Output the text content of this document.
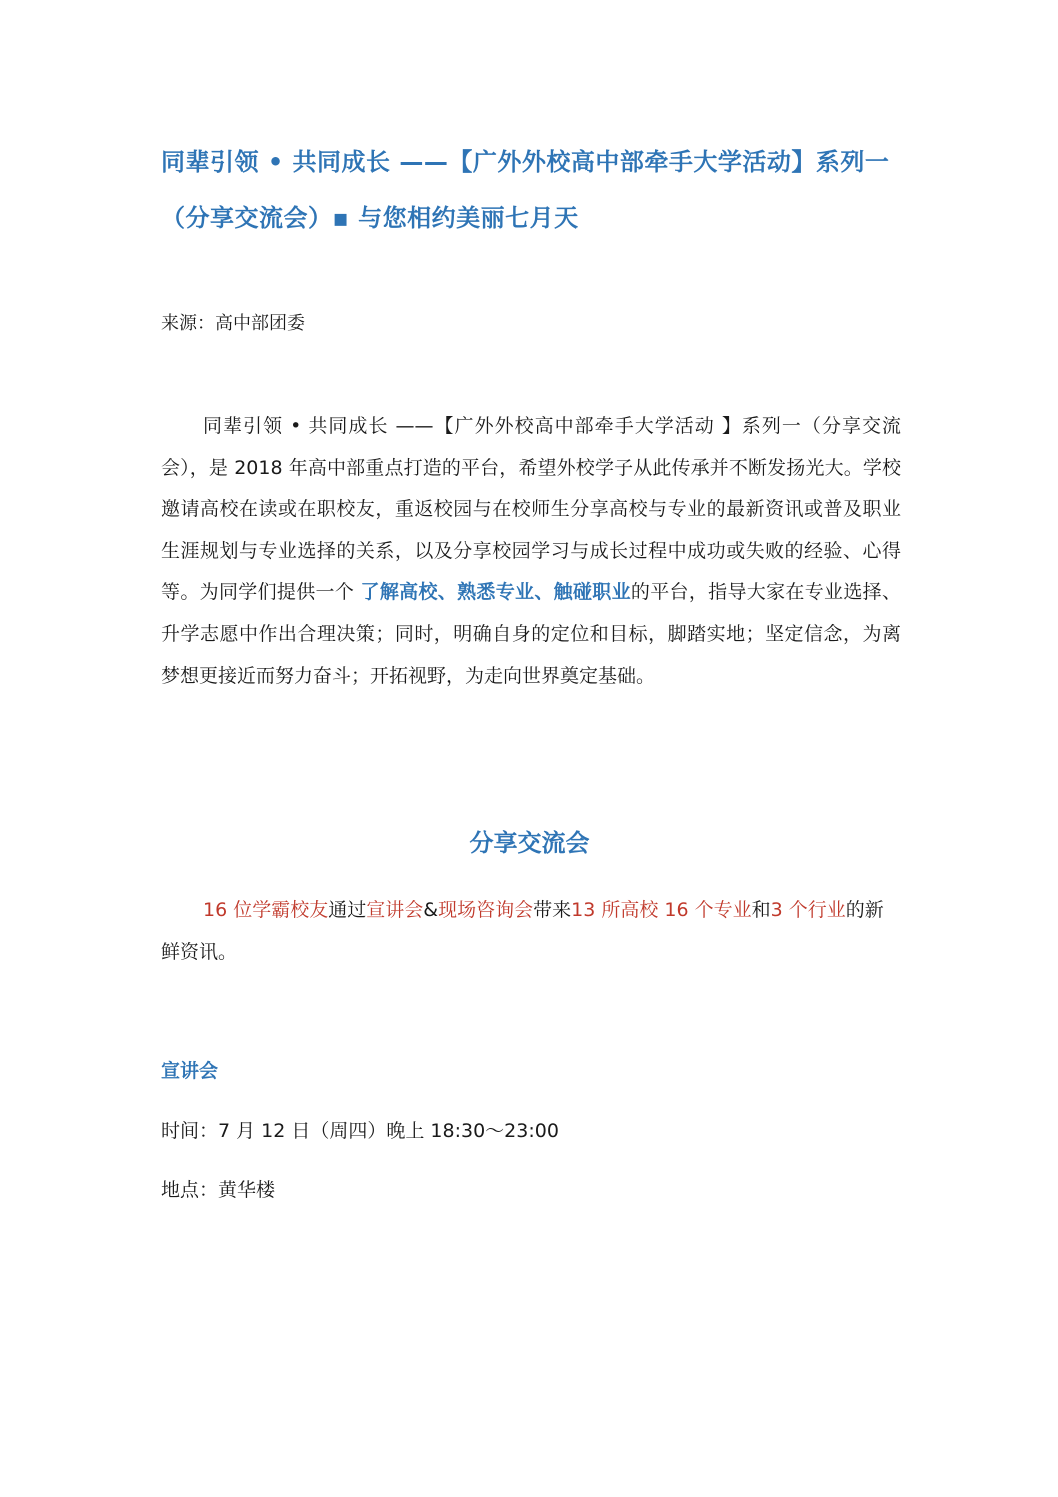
同辈引领 • 共同成长 ——【广外外校高中部牵手大学活动】系列一（分享交流会）▪ 与您相约美丽七月天
来源：高中部团委

同辈引领 • 共同成长 ——【广外外校高中部牵手大学活动 】系列一（分享交流会），是 2018 年高中部重点打造的平台，希望外校学子从此传承并不断发扬光大。学校邀请高校在读或在职校友，重返校园与在校师生分享高校与专业的最新资讯或普及职业生涯规划与专业选择的关系，以及分享校园学习与成长过程中成功或失败的经验、心得等。为同学们提供一个 了解高校、熟悉专业、触碰职业的平台，指导大家在专业选择、升学志愿中作出合理决策；同时，明确自身的定位和目标，脚踏实地；坚定信念，为离梦想更接近而努力奋斗；开拓视野，为走向世界奠定基础。

分享交流会

16 位学霸校友通过宣讲会&现场咨询会带来13 所高校 16 个专业和3 个行业的新鲜资讯。

宣讲会
时间：7 月 12 日（周四）晚上 18:30～23:00
地点：黄华楼
